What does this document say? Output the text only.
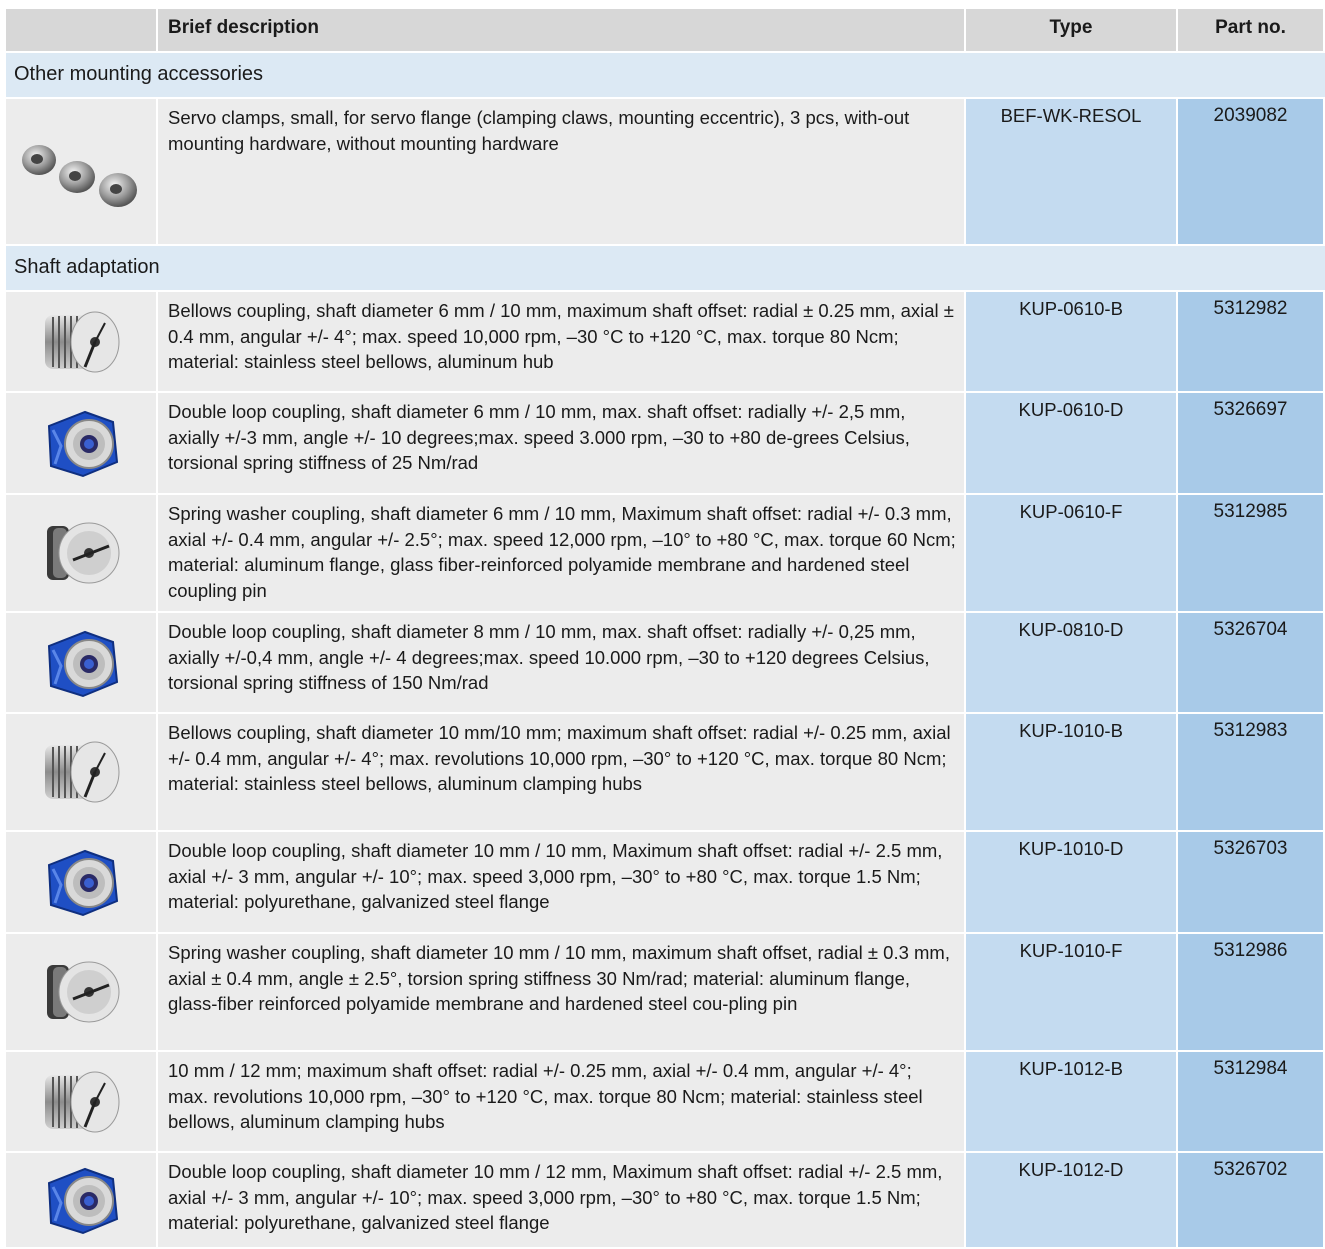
Brief description	Type	Part no.
Other mounting accessories
Servo clamps, small, for servo flange (clamping claws, mounting eccentric), 3 pcs, with-out mounting hardware, without mounting hardware
BEF-WK-RESOL	2039082
Shaft adaptation
Bellows coupling, shaft diameter 6 mm / 10 mm, maximum shaft offset: radial ± 0.25 mm, axial ± 0.4 mm, angular +/- 4°; max. speed 10,000 rpm, –30 °C to +120 °C, max. torque 80 Ncm; material: stainless steel bellows, aluminum hub
KUP-0610-B	5312982
Double loop coupling, shaft diameter 6 mm / 10 mm, max. shaft offset: radially +/- 2,5 mm, axially +/-3 mm, angle +/- 10 degrees;max. speed 3.000 rpm, –30 to +80 de-grees Celsius, torsional spring stiffness of 25 Nm/rad
KUP-0610-D	5326697
Spring washer coupling, shaft diameter 6 mm / 10 mm, Maximum shaft offset: radial +/- 0.3 mm, axial +/- 0.4 mm, angular +/- 2.5°; max. speed 12,000 rpm, –10° to +80 °C, max. torque 60 Ncm; material: aluminum flange, glass fiber-reinforced polyamide membrane and hardened steel coupling pin
KUP-0610-F	5312985
Double loop coupling, shaft diameter 8 mm / 10 mm, max. shaft offset: radially +/- 0,25 mm, axially +/-0,4 mm, angle +/- 4 degrees;max. speed 10.000 rpm, –30 to +120 degrees Celsius, torsional spring stiffness of 150 Nm/rad
KUP-0810-D	5326704
Bellows coupling, shaft diameter 10 mm/10 mm; maximum shaft offset: radial +/- 0.25 mm, axial +/- 0.4 mm, angular +/- 4°; max. revolutions 10,000 rpm, –30° to +120 °C, max. torque 80 Ncm; material: stainless steel bellows, aluminum clamping hubs
KUP-1010-B	5312983
Double loop coupling, shaft diameter 10 mm / 10 mm, Maximum shaft offset: radial +/- 2.5 mm, axial +/- 3 mm, angular +/- 10°; max. speed 3,000 rpm, –30° to +80 °C, max. torque 1.5 Nm; material: polyurethane, galvanized steel flange
KUP-1010-D	5326703
Spring washer coupling, shaft diameter 10 mm / 10 mm, maximum shaft offset, radial ± 0.3 mm, axial ± 0.4 mm, angle ± 2.5°, torsion spring stiffness 30 Nm/rad; material: aluminum flange, glass-fiber reinforced polyamide membrane and hardened steel cou-pling pin
KUP-1010-F	5312986
10 mm / 12 mm; maximum shaft offset: radial +/- 0.25 mm, axial +/- 0.4 mm, angular +/- 4°; max. revolutions 10,000 rpm, –30° to +120 °C, max. torque 80 Ncm; material: stainless steel bellows, aluminum clamping hubs
KUP-1012-B	5312984
Double loop coupling, shaft diameter 10 mm / 12 mm, Maximum shaft offset: radial +/- 2.5 mm, axial +/- 3 mm, angular +/- 10°; max. speed 3,000 rpm, –30° to +80 °C, max. torque 1.5 Nm; material: polyurethane, galvanized steel flange
KUP-1012-D	5326702
